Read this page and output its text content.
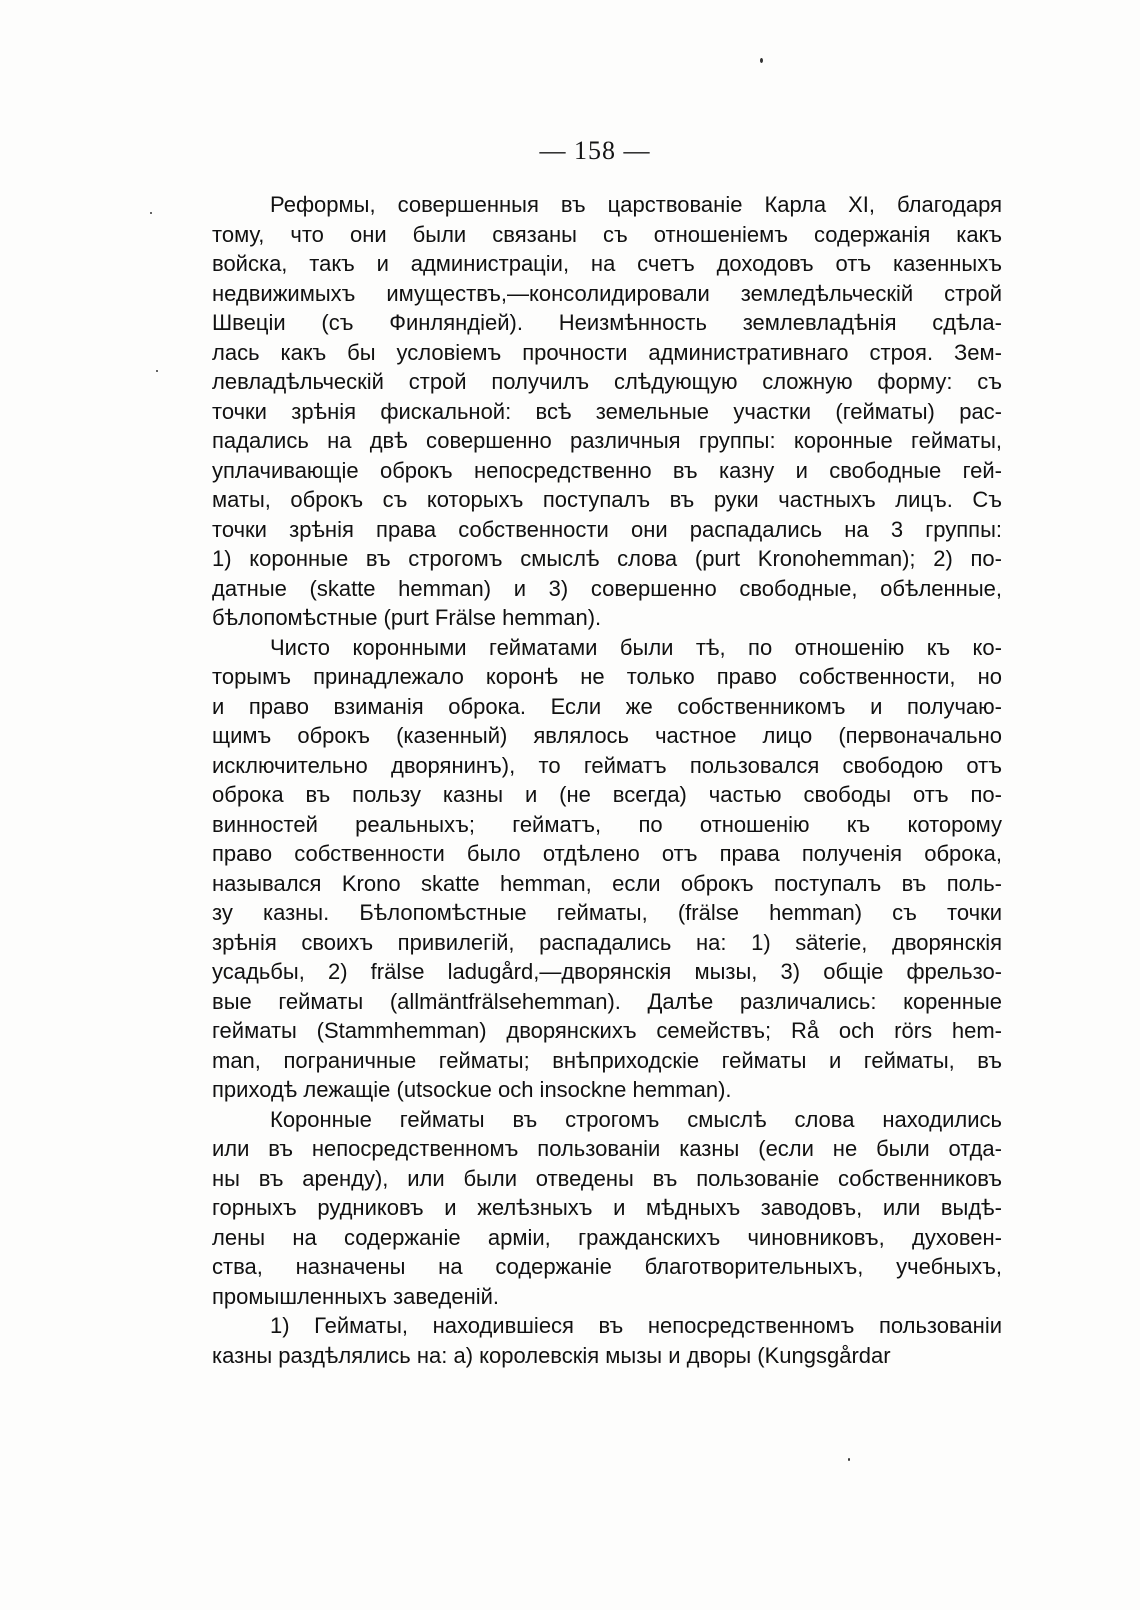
— 158 —
Реформы, совершенныя въ царствованіе Карла XI, благодаря
тому, что они были связаны съ отношеніемъ содержанія какъ
войска, такъ и администраціи, на счетъ доходовъ отъ казенныхъ
недвижимыхъ имуществъ,—консолидировали земледѣльческій строй
Швеціи (съ Финляндіей). Неизмѣнность землевладѣнія сдѣла-
лась какъ бы условіемъ прочности административнаго строя. Зем-
левладѣльческій строй получилъ слѣдующую сложную форму: съ
точки зрѣнія фискальной: всѣ земельные участки (гейматы) рас-
падались на двѣ совершенно различныя группы: коронные гейматы,
уплачивающіе оброкъ непосредственно въ казну и свободные гей-
маты, оброкъ съ которыхъ поступалъ въ руки частныхъ лицъ. Съ
точки зрѣнія права собственности они распадались на 3 группы:
1) коронные въ строгомъ смыслѣ слова (purt Kronohemman); 2) по-
датные (skatte hemman) и 3) совершенно свободные, обѣленные,
бѣлопомѣстные (purt Frälse hemman).
Чисто коронными гейматами были тѣ, по отношенію къ ко-
торымъ принадлежало коронѣ не только право собственности, но
и право взиманія оброка. Если же собственникомъ и получаю-
щимъ оброкъ (казенный) являлось частное лицо (первоначально
исключительно дворянинъ), то гейматъ пользовался свободою отъ
оброка въ пользу казны и (не всегда) частью свободы отъ по-
винностей реальныхъ; гейматъ, по отношенію къ которому
право собственности было отдѣлено отъ права полученія оброка,
назывался Krono skatte hemman, если оброкъ поступалъ въ поль-
зу казны. Бѣлопомѣстные гейматы, (frälse hemman) съ точки
зрѣнія своихъ привилегій, распадались на: 1) säterie, дворянскія
усадьбы, 2) frälse ladugård,—дворянскія мызы, 3) общіе фрельзо-
вые гейматы (allmäntfrälsehemman). Далѣе различались: коренные
гейматы (Stammhemman) дворянскихъ семействъ; Rå och rörs hem-
man, пограничные гейматы; внѣприходскіе гейматы и гейматы, въ
приходѣ лежащіе (utsockue och insockne hemman).
Коронные гейматы въ строгомъ смыслѣ слова находились
или въ непосредственномъ пользованіи казны (если не были отда-
ны въ аренду), или были отведены въ пользованіе собственниковъ
горныхъ рудниковъ и желѣзныхъ и мѣдныхъ заводовъ, или выдѣ-
лены на содержаніе арміи, гражданскихъ чиновниковъ, духовен-
ства, назначены на содержаніе благотворительныхъ, учебныхъ,
промышленныхъ заведеній.
1) Гейматы, находившіеся въ непосредственномъ пользованіи
казны раздѣлялись на: а) королевскія мызы и дворы (Kungsgårdar
